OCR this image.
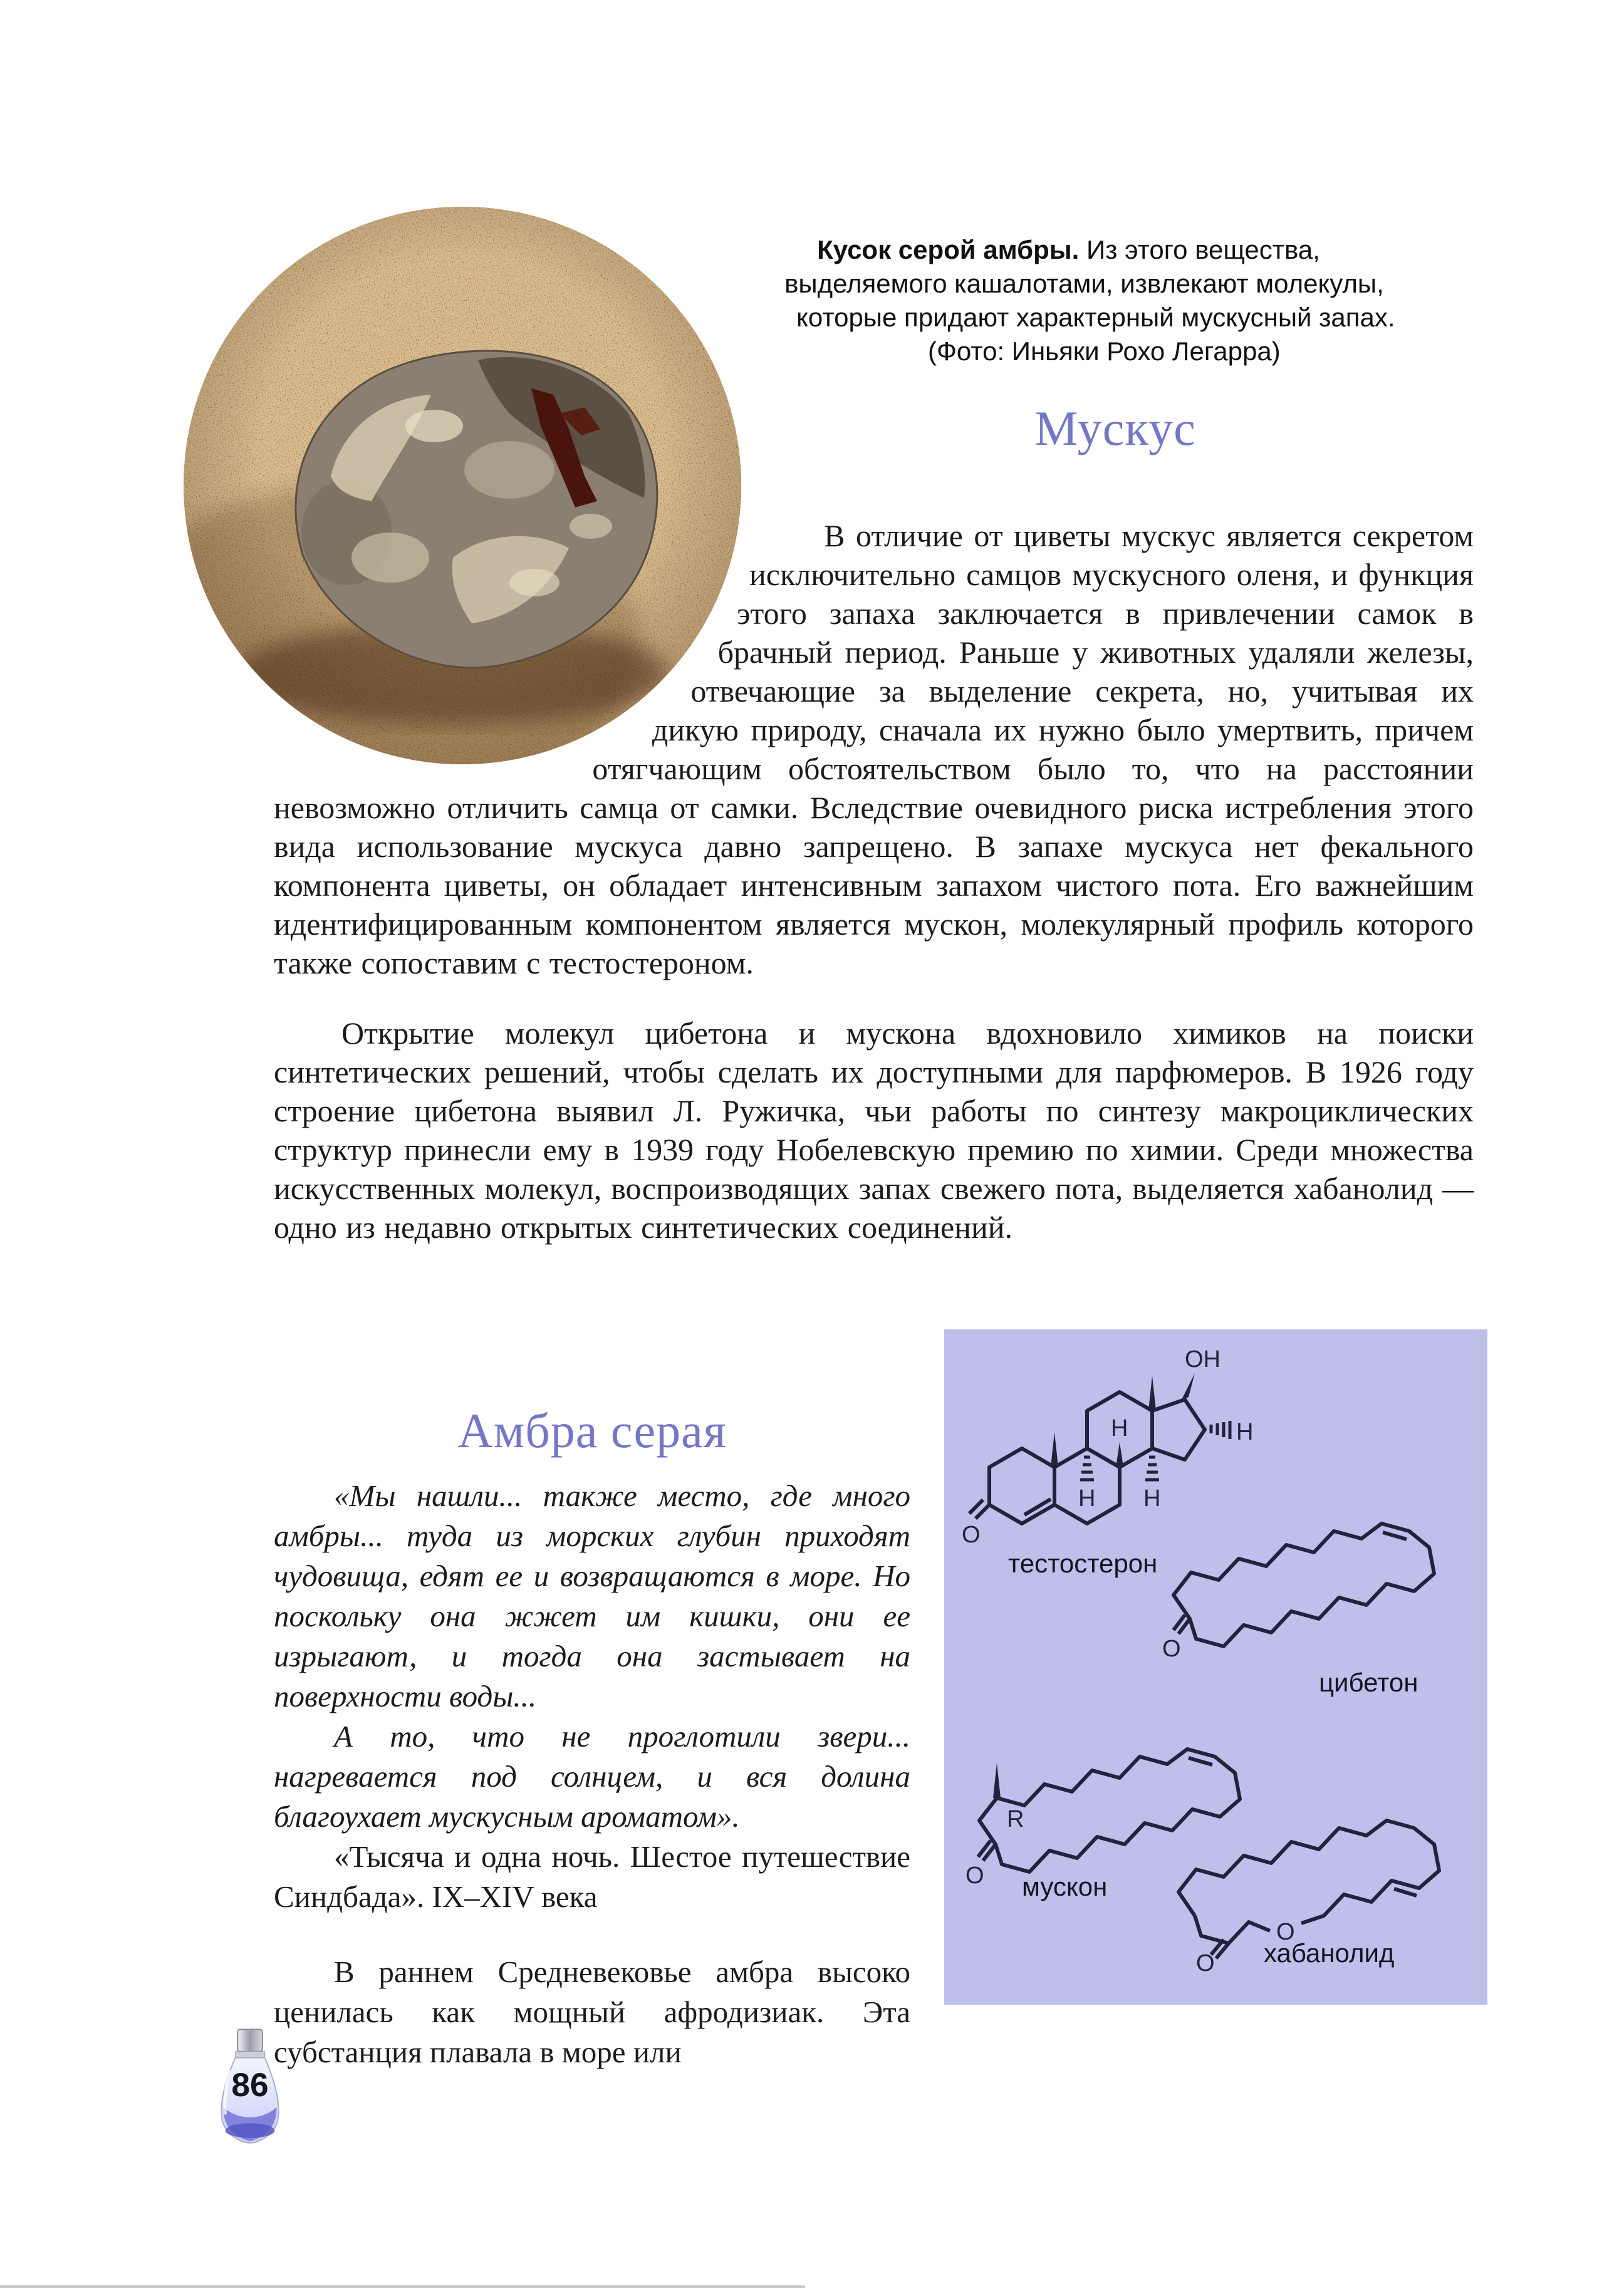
Кусок серой амбры. Из этого вещества,
выделяемого кашалотами, извлекают молекулы,
которые придают характерный мускусный запах.
(Фото: Иньяки Рохо Легарра)
Мускус

В отличие от циветы мускус является секретом исключительно самцов мускусного оленя, и функция этого запаха заключается в привлечении самок в брачный период. Раньше у животных удаляли железы, отвечающие за выделение секрета, но, учитывая их дикую природу, сначала их нужно было умертвить, причем отягчающим обстоятельством было то, что на расстоянии невозможно отличить самца от самки. Вследствие очевидного риска истребления этого вида использование мускуса давно запрещено. В запахе мускуса нет фекального компонента циветы, он обладает интенсивным запахом чистого пота. Его важнейшим идентифицированным компонентом является мускон, молекулярный профиль которого также сопоставим с тестостероном.

Открытие молекул цибетона и мускона вдохновило химиков на поиски синтетических решений, чтобы сделать их доступными для парфюмеров. В 1926 году строение цибетона выявил Л. Ружичка, чьи работы по синтезу макроциклических структур принесли ему в 1939 году Нобелевскую премию по химии. Среди множества искусственных молекул, воспроизводящих запах свежего пота, выделяется хабанолид — одно из недавно открытых синтетических соединений.

Амбра серая

«Мы нашли... также место, где много амбры... туда из морских глубин приходят чудовища, едят ее и возвращаются в море. Но поскольку она жжет им кишки, они ее изрыгают, и тогда она застывает на поверхности воды...

А то, что не проглотили звери... нагревается под солнцем, и вся долина благоухает мускусным ароматом».

«Тысяча и одна ночь. Шестое путешествие Синдбада». IX–XIV века

В раннем Средневековье амбра высоко ценилась как мощный афродизиак. Эта субстанция плавала в море или

O
OH
H
H
H H
тестостерон
O
цибетон
R
O мускон
O
O хабанолид
86
